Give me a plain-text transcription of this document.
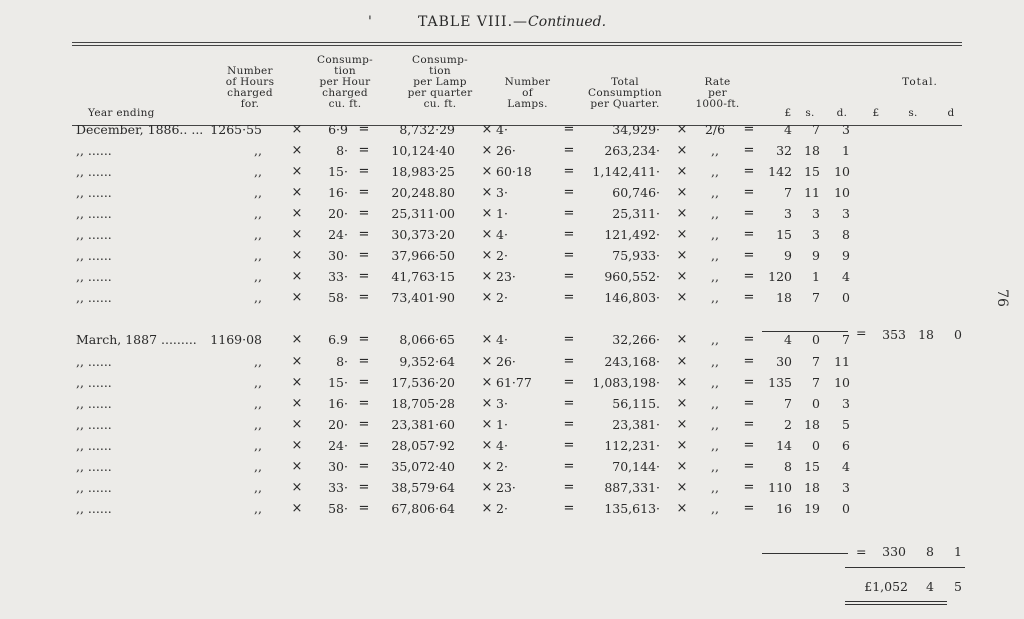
'	TABLE VIII.—Continued.
Year ending
Number
of Hours
charged
for.
Consump-
tion
per Hour
charged
cu. ft.
Consump-
tion
per Lamp
per quarter
cu. ft.
Number
of
Lamps.
Total
Consumption
per Quarter.
Rate
per
1000-ft.
£	s.	d.
Total.
£	s.	d
December, 1886.. ... 1265·55 ×	6·9 =	8,732·29 × 4·	=	34,929· ×	2/6	=	4	7	3
,, ......	,, ×	8· =	10,124·40 × 26·	=	263,234· ×	,,	=	32 18	1
,, ......	,, ×	15· =	18,983·25 × 60·18	=	1,142,411· ×	,,	=	142 15	10
,, ......	,, ×	16· =	20,248.80 × 3·	=	60,746· ×	,,	=	7 11	10
,, ......	,, ×	20· =	25,311·00 × 1·	=	25,311· ×	,,	=	3	3	3
,, ......	,, ×	24· =	30,373·20 × 4·	=	121,492· ×	,,	=	15	3	8
,, ......	,, ×	30· =	37,966·50 × 2·	=	75,933· ×	,,	=	9	9	9
,, ......	,, ×	33· =	41,763·15 × 23·	=	960,552· ×	,,	=	120	1	4
,, ......	,, ×	58· =	73,401·90 × 2·	=	146,803· ×	,,	=	18	7	0
March, 1887 .........	1169·08 ×	6.9 =	8,066·65 × 4·	=	32,266· ×	,,	=	4	0	7
,, ......	,, ×	8· =	9,352·64 × 26·	=	243,168· ×	,,	=	30	7	11
,, ......	,, ×	15· =	17,536·20 × 61·77	=	1,083,198· ×	,,	=	135	7	10
,, ......	,, ×	16· =	18,705·28 × 3·	=	56,115. ×	,,	=	7	0	3
,, ......	,, ×	20· =	23,381·60 × 1·	=	23,381· ×	,,	=	2 18	5
,, ......	,, ×	24· =	28,057·92 × 4·	=	112,231· ×	,,	=	14	0	6
,, ......	,, ×	30· =	35,072·40 × 2·	=	70,144· ×	,,	=	8 15	4
,, ......	,, ×	33· =	38,579·64 × 23·	=	887,331· ×	,,	=	110 18	3
,, ......	,, ×	58· =	67,806·64 × 2·	=	135,613· ×	,,	=	16 19	0
=	353 18	0
=	330	8	1
£1,052	4	5
76
